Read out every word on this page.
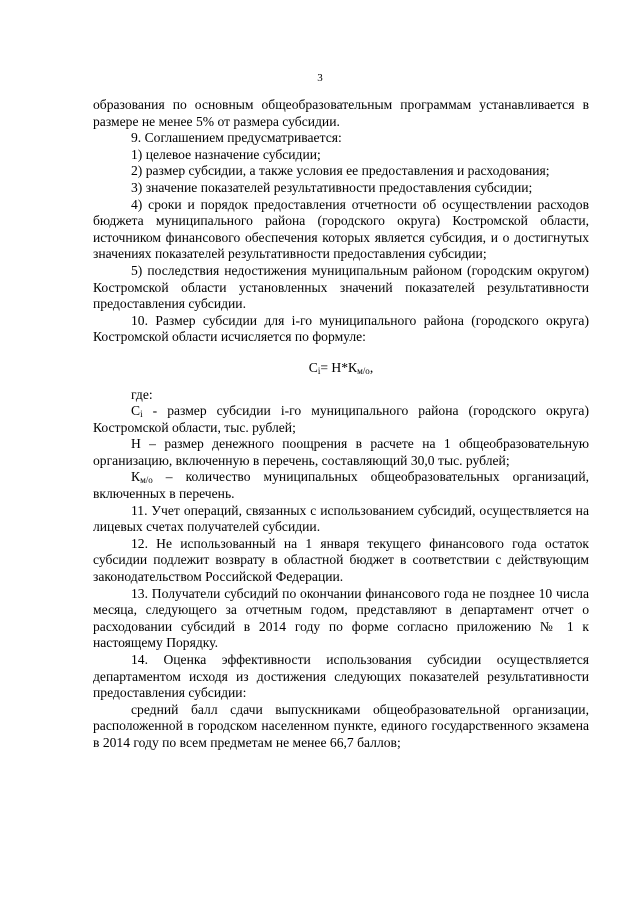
3

образования по основным общеобразовательным программам устанавливается в размере не менее 5% от размера субсидии.

9. Соглашением предусматривается:

1) целевое назначение субсидии;

2) размер субсидии, а также условия ее предоставления и расходования;

3) значение показателей результативности предоставления субсидии;

4) сроки и порядок предоставления отчетности об осуществлении расходов бюджета муниципального района (городского округа) Костромской области, источником финансового обеспечения которых является субсидия, и о достигнутых значениях показателей результативности предоставления субсидии;

5) последствия недостижения муниципальным районом (городским округом) Костромской области установленных значений показателей результативности предоставления субсидии.

10. Размер субсидии для i-го муниципального района (городского округа) Костромской области исчисляется по формуле:

$C_i= Н*К_{м/о}$,

где:

$C_i$ - размер субсидии i-го муниципального района (городского округа) Костромской области, тыс. рублей;

Н – размер денежного поощрения в расчете на 1 общеобразовательную организацию, включенную в перечень, составляющий 30,0 тыс. рублей;

$К_{м/о}$ – количество муниципальных общеобразовательных организаций, включенных в перечень.

11. Учет операций, связанных с использованием субсидий, осуществляется на лицевых счетах получателей субсидии.

12. Не использованный на 1 января текущего финансового года остаток субсидии подлежит возврату в областной бюджет в соответствии с действующим законодательством Российской Федерации.

13. Получатели субсидий по окончании финансового года не позднее 10 числа месяца, следующего за отчетным годом, представляют в департамент отчет о расходовании субсидий в 2014 году по форме согласно приложению № 1 к настоящему Порядку.

14. Оценка эффективности использования субсидии осуществляется департаментом исходя из достижения следующих показателей результативности предоставления субсидии:

средний балл сдачи выпускниками общеобразовательной организации, расположенной в городском населенном пункте, единого государственного экзамена в 2014 году по всем предметам не менее 66,7 баллов;
